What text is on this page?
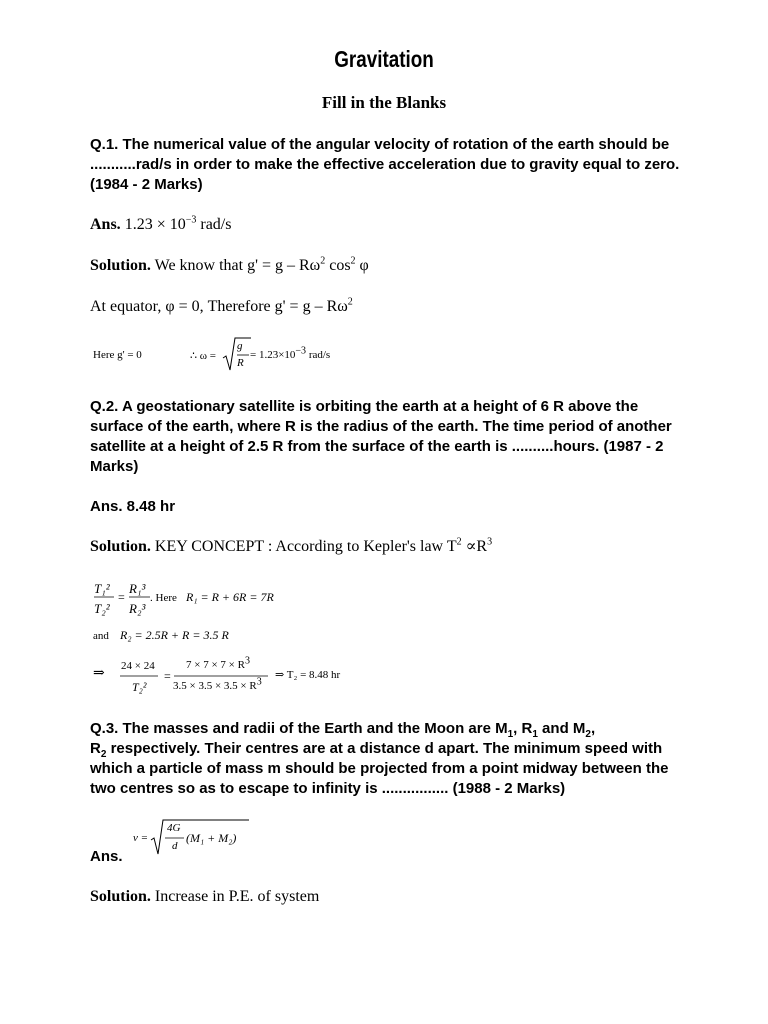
Gravitation
Fill in the Blanks
Q.1. The numerical value of the angular velocity of rotation of the earth should be ...........rad/s in order to make the effective acceleration due to gravity equal to zero. (1984 - 2 Marks)
Ans. $1.23 \times 10^{-3}$ rad/s
Solution. We know that $g' = g - R\omega^2$ $\cos^2 \varphi$
At equator, φ = 0, Therefore $g' = g - R\omega^2$
Here g' = 0	∴ ω =
g
R
= $1.23\times 10^{-3}$ rad/s
Q.2. A geostationary satellite is orbiting the earth at a height of 6 R above the surface of the earth, where R is the radius of the earth. The time period of another satellite at a height of 2.5 R from the surface of the earth is ..........hours. (1987 - 2 Marks)
Ans. 8.48 hr
Solution. KEY CONCEPT : According to Kepler's law $T^2 \propto R^3$
T₁²
T₂²
=
R₁³
R₂³
. Here R₁ = R + 6R = 7R
and R₂ = 2.5R + R = 3.5 R
⇒ 24 × 24
=
T₂²
$7 \times 7 \times 7 \times R^3$
$3.5 \times 3.5 \times 3.5 \times R^3$
⇒ T₂ = 8.48 hr
Q.3. The masses and radii of the Earth and the Moon are $M_1$, $R_1$ and $M_2$,
$R_2$ respectively. Their centres are at a distance d apart. The minimum speed with which a particle of mass m should be projected from a point midway between the two centres so as to escape to infinity is ................ (1988 - 2 Marks)
v =
4G
d
(M₁ + M₂)
Ans.
Solution. Increase in P.E. of system
